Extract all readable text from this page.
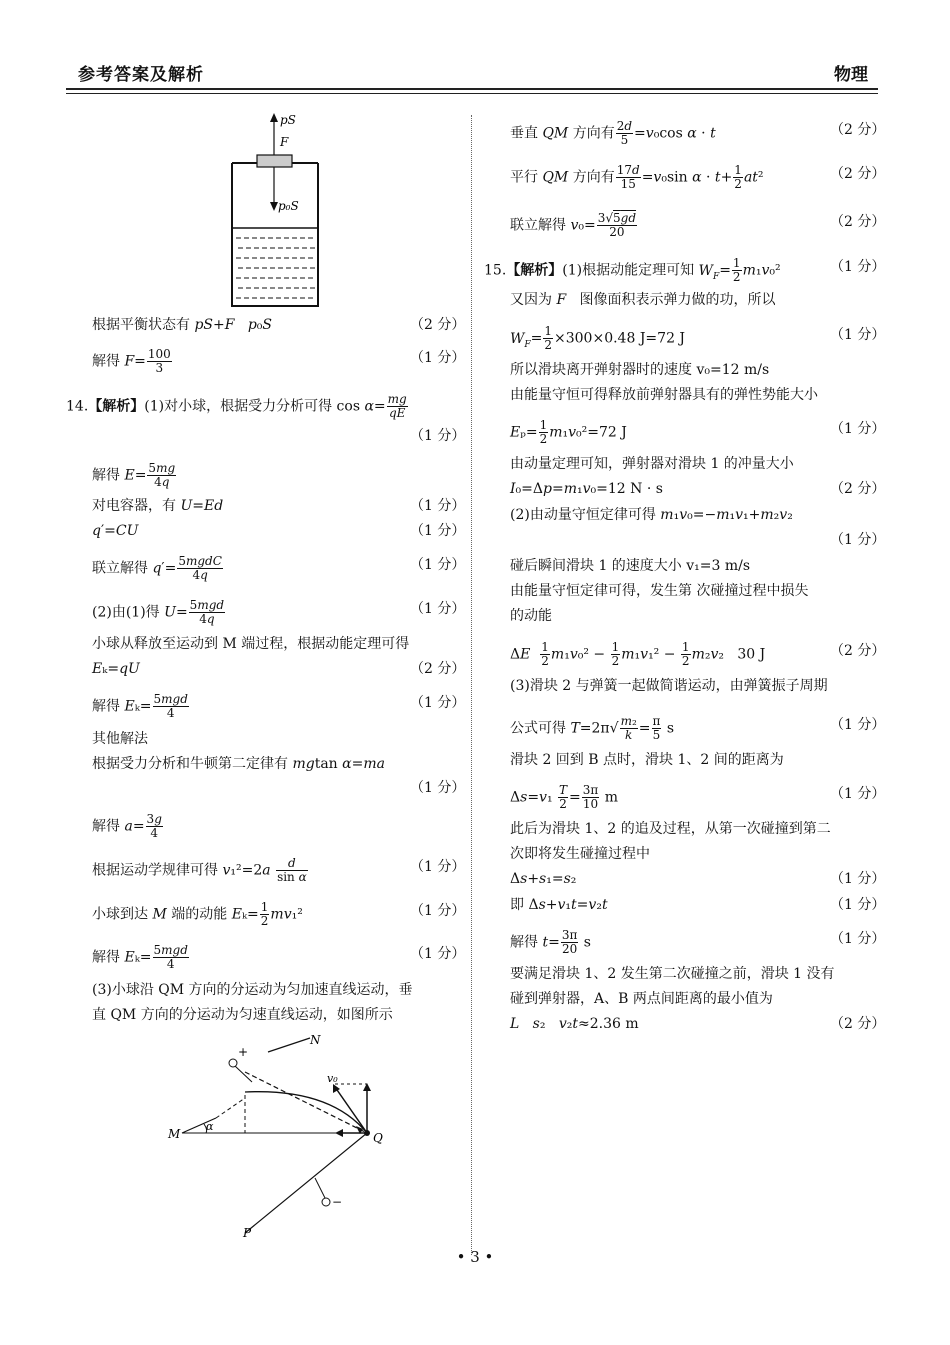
参考答案及解析	物理
pS
F
p₀S
根据平衡状态有 pS+F p₀S	（2 分）
解得 $F= \frac{100}{3}$	（1 分）
14.【解析】(1)对小球，根据受力分析可得 $\cos \alpha= \frac{mg}{qE}$
（1 分）
解得 $E= \frac{5mg}{4q}$
对电容器，有 U=Ed	（1 分）
q′=CU	（1 分）
联立解得 $q'= \frac{\text{5mgdC}}{4q}$	（1 分）
(2)由(1)得 $U= \frac{\text{5mgd}}{4q}$	（1 分）
小球从释放至运动到 M 端过程，根据动能定理可得
Eₖ=qU	（2 分）
解得 $E_k= \frac{\text{5mgd}}{4}$	（1 分）
其他解法
根据受力分析和牛顿第二定律有 mgtan α=ma
（1 分）
解得 $a= \frac{3g}{4}$
根据运动学规律可得 $v_1^2=2a \frac{d}{\text{sin α}}$	（1 分）
小球到达 M 端的动能 $E_k= \frac{1}{2} mv_1^2$	（1 分）
解得 $E_k= \frac{\text{5mgd}}{4}$	（1 分）
(3)小球沿 QM 方向的分运动为匀加速直线运动，垂
直 QM 方向的分运动为匀速直线运动，如图所示
+
N
M
α
v₀
Q
−
P
垂直 QM 方向有 $\frac{2d}{5} =v_0\cos$ α · t	（2 分）
平行 QM 方向有 $\frac{17d}{15} =v_0\sin$ $\alpha \cdot t+ \frac{1}{2} at^2$	（2 分）
联立解得 $v_0= \frac{3√5gd}{20}$	（2 分）
15.【解析】(1)根据动能定理可知 $W_F= \frac{1}{2} m_1v_0^2$	（1 分）
又因为 F   图像面积表示弹力做的功，所以
$W_F= \frac{1}{2} \times 300\times 0.48$ J=72 J	（1 分）
所以滑块离开弹射器时的速度 v₀=12 m/s
由能量守恒可得释放前弹射器具有的弹性势能大小
$E_p= \frac{1}{2} m_1v_0^2=72$ J	（1 分）
由动量定理可知，弹射器对滑块 1 的冲量大小
I₀=Δp=m₁v₀=12 N · s	（2 分）
(2)由动量守恒定律可得 m₁v₀=−m₁v₁+m₂v₂
（1 分）
碰后瞬间滑块 1 的速度大小 v₁=3 m/s
由能量守恒定律可得，发生第 次碰撞过程中损失
的动能
ΔE $\frac{1}{2} m_1v_0^2 - \frac{1}{2} m_1v_1^2 - \frac{1}{2} m_2v_2$   30 J	（2 分）
(3)滑块 2 与弹簧一起做简谐运动，由弹簧振子周期
公式可得 $T=2\pi√ \frac{\text{m₂}}{k} = \frac{\pi}{5}$ s	（1 分）
滑块 2 回到 B 点时，滑块 1、2 间的距离为
$\Delta s=v_1 \frac{T}{2} = \frac{3\pi}{10}$ m	（1 分）
此后为滑块 1、2 的追及过程，从第一次碰撞到第二
次即将发生碰撞过程中
Δs+s₁=s₂	（1 分）
即 Δs+v₁t=v₂t	（1 分）
解得 $t= \frac{3\pi}{20}$ s	（1 分）
要满足滑块 1、2 发生第二次碰撞之前，滑块 1 没有
碰到弹射器，A、B 两点间距离的最小值为
L s₂   v₂t≈2.36 m	（2 分）
• 3 •
